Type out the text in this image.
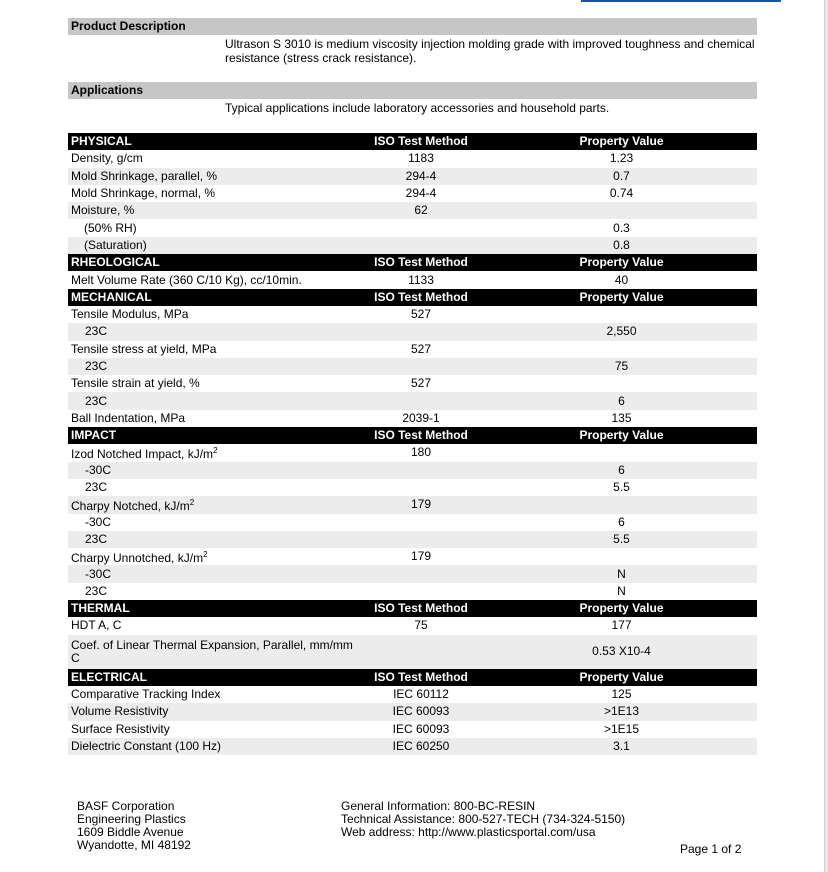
Product Description
Ultrason S 3010 is medium viscosity injection molding grade with improved toughness and chemical resistance (stress crack resistance).
Applications
Typical applications include laboratory accessories and household parts.
PHYSICAL	ISO Test Method	Property Value
Density, g/cm	1183	1.23
Mold Shrinkage, parallel, %	294-4	0.7
Mold Shrinkage, normal, %	294-4	0.74
Moisture, %	62	
(50% RH)		0.3
(Saturation)		0.8
RHEOLOGICAL	ISO Test Method	Property Value
Melt Volume Rate (360 C/10 Kg), cc/10min.	1133	40
MECHANICAL	ISO Test Method	Property Value
Tensile Modulus, MPa	527	
23C		2,550
Tensile stress at yield, MPa	527	
23C		75
Tensile strain at yield, %	527	
23C		6
Ball Indentation, MPa	2039-1	135
IMPACT	ISO Test Method	Property Value
Izod Notched Impact, $kJ/m^2$	180	
-30C		6
23C		5.5
Charpy Notched, $kJ/m^2$	179	
-30C		6
23C		5.5
Charpy Unnotched, $kJ/m^2$	179	
-30C		N
23C		N
THERMAL	ISO Test Method	Property Value
HDT A, C	75	177
Coef. of Linear Thermal Expansion, Parallel, mm/mm C		0.53 X10-4
ELECTRICAL	ISO Test Method	Property Value
Comparative Tracking Index	IEC 60112	125
Volume Resistivity	IEC 60093	>1E13
Surface Resistivity	IEC 60093	>1E15
Dielectric Constant (100 Hz)	IEC 60250	3.1
BASF Corporation
Engineering Plastics
1609 Biddle Avenue
Wyandotte, MI 48192
General Information: 800-BC-RESIN
Technical Assistance: 800-527-TECH (734-324-5150)
Web address: http://www.plasticsportal.com/usa
Page 1 of 2
